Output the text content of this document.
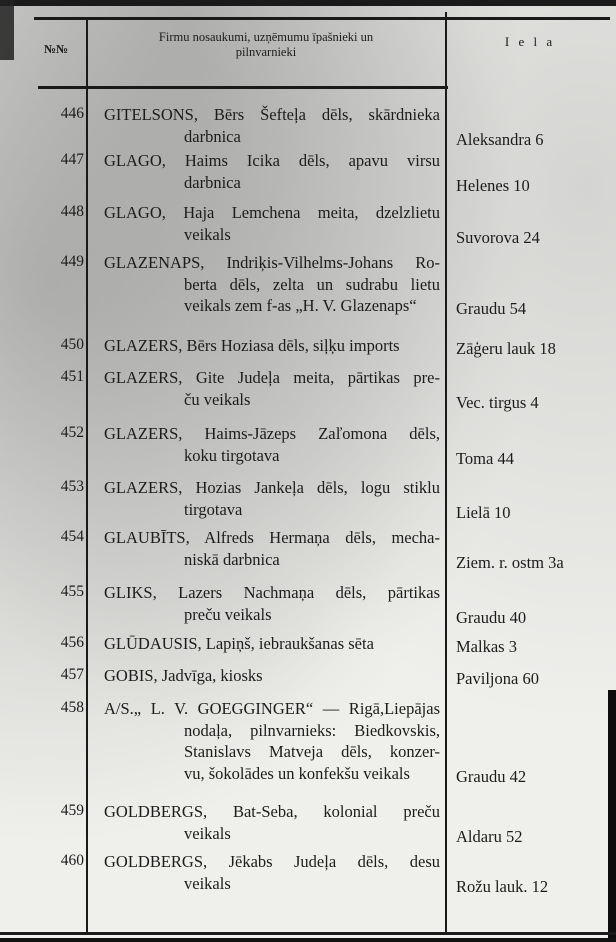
№№
Firmu nosaukumi, uzņēmumu īpašnieki un
pilnvarnieki
I e l a
446 GITELSONS, Bērs Šefteļa dēls, skārdnieka
darbnica	Aleksandra 6
447 GLAGO, Haims Icika dēls, apavu virsu
darbnica	Helenes 10
448 GLAGO, Haja Lemchena meita, dzelzlietu
veikals	Suvorova 24
449 GLAZENAPS, Indriķis-Vilhelms-Johans Ro-
berta dēls, zelta un sudrabu lietu
veikals zem f-as „H. V. Glazenaps“	Graudu 54
450 GLAZERS, Bērs Hoziasa dēls, siļķu imports	Zāģeru lauk 18
451 GLAZERS, Gite Judeļa meita, pārtikas pre-
ču veikals	Vec. tirgus 4
452 GLAZERS, Haims-Jāzeps Zaľomona dēls,
koku tirgotava	Toma 44
453 GLAZERS, Hozias Jankeļa dēls, logu stiklu
tirgotava	Lielā 10
454 GLAUBĪTS, Alfreds Hermaņa dēls, mecha-
niskā darbnica	Ziem. r. ostm 3a
455 GLIKS, Lazers Nachmaņa dēls, pārtikas
preču veikals	Graudu 40
456 GLŪDAUSIS, Lapiņš, iebraukšanas sēta	Malkas 3
457 GOBIS, Jadvīga, kiosks	Paviljona 60
458 A/S.„ L. V. GOEGGINGER“ — Rigā,Liepājas
nodaļa, pilnvarnieks: Biedkovskis,
Stanislavs Matveja dēls, konzer-
vu, šokolādes un konfekšu veikals	Graudu 42
459 GOLDBERGS, Bat-Seba, kolonial preču
veikals	Aldaru 52
460 GOLDBERGS, Jēkabs Judeļa dēls, desu
veikals	Rožu lauk. 12
